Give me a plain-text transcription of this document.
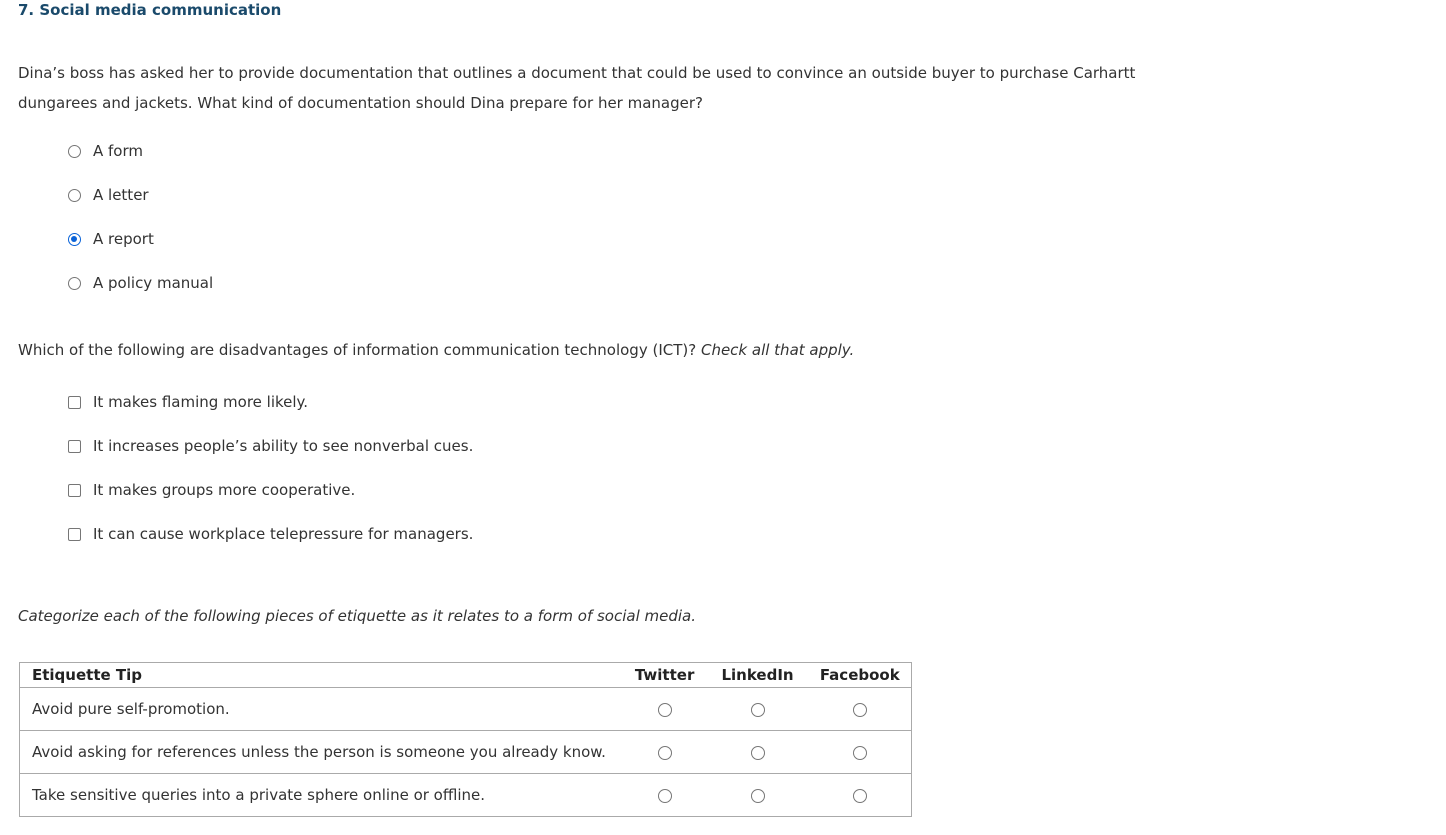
7. Social media communication
Dina’s boss has asked her to provide documentation that outlines a document that could be used to convince an outside buyer to purchase Carhartt dungarees and jackets. What kind of documentation should Dina prepare for her manager?
A form
A letter
A report
A policy manual
Which of the following are disadvantages of information communication technology (ICT)? Check all that apply.
It makes flaming more likely.
It increases people’s ability to see nonverbal cues.
It makes groups more cooperative.
It can cause workplace telepressure for managers.
Categorize each of the following pieces of etiquette as it relates to a form of social media.
Etiquette Tip	Twitter	LinkedIn	Facebook
Avoid pure self-promotion.			
Avoid asking for references unless the person is someone you already know.			
Take sensitive queries into a private sphere online or offline.			
